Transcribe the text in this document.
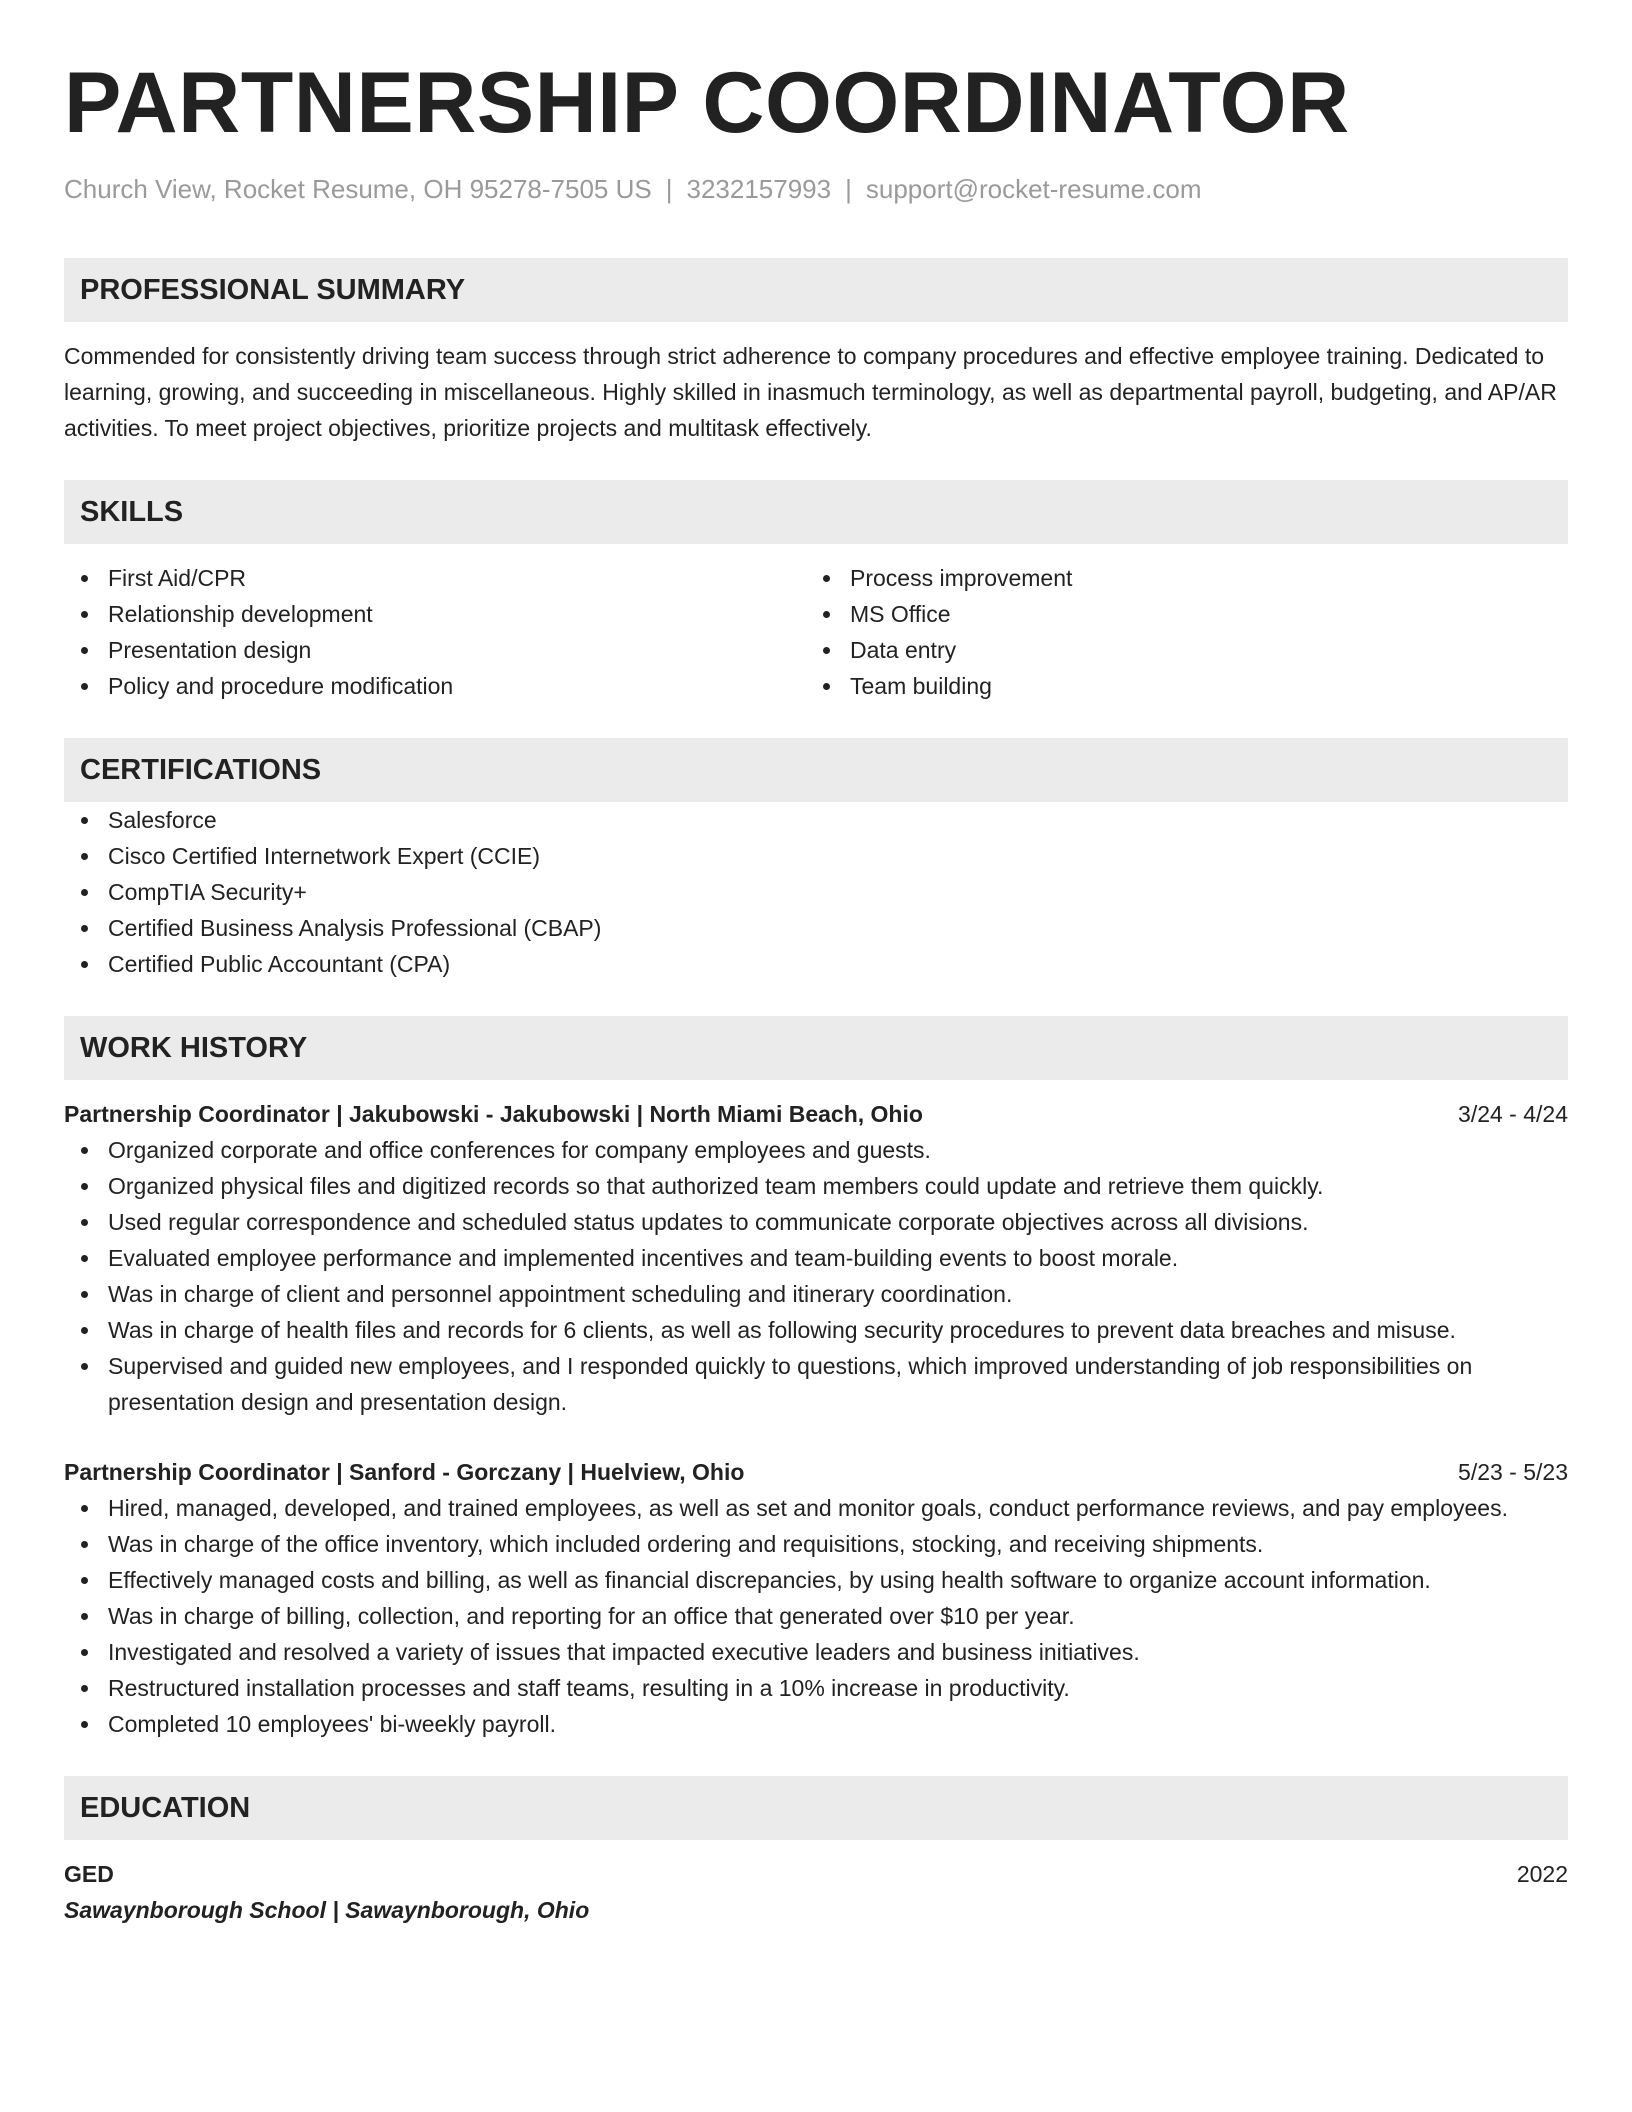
PARTNERSHIP COORDINATOR
Church View, Rocket Resume, OH 95278-7505 US | 3232157993 | support@rocket-resume.com
PROFESSIONAL SUMMARY
Commended for consistently driving team success through strict adherence to company procedures and effective employee training. Dedicated to learning, growing, and succeeding in miscellaneous. Highly skilled in inasmuch terminology, as well as departmental payroll, budgeting, and AP/AR activities. To meet project objectives, prioritize projects and multitask effectively.
SKILLS
First Aid/CPR
Relationship development
Presentation design
Policy and procedure modification
Process improvement
MS Office
Data entry
Team building
CERTIFICATIONS
Salesforce
Cisco Certified Internetwork Expert (CCIE)
CompTIA Security+
Certified Business Analysis Professional (CBAP)
Certified Public Accountant (CPA)
WORK HISTORY
Partnership Coordinator | Jakubowski - Jakubowski | North Miami Beach, Ohio	3/24 - 4/24
Organized corporate and office conferences for company employees and guests.
Organized physical files and digitized records so that authorized team members could update and retrieve them quickly.
Used regular correspondence and scheduled status updates to communicate corporate objectives across all divisions.
Evaluated employee performance and implemented incentives and team-building events to boost morale.
Was in charge of client and personnel appointment scheduling and itinerary coordination.
Was in charge of health files and records for 6 clients, as well as following security procedures to prevent data breaches and misuse.
Supervised and guided new employees, and I responded quickly to questions, which improved understanding of job responsibilities on presentation design and presentation design.
Partnership Coordinator | Sanford - Gorczany | Huelview, Ohio	5/23 - 5/23
Hired, managed, developed, and trained employees, as well as set and monitor goals, conduct performance reviews, and pay employees.
Was in charge of the office inventory, which included ordering and requisitions, stocking, and receiving shipments.
Effectively managed costs and billing, as well as financial discrepancies, by using health software to organize account information.
Was in charge of billing, collection, and reporting for an office that generated over $10 per year.
Investigated and resolved a variety of issues that impacted executive leaders and business initiatives.
Restructured installation processes and staff teams, resulting in a 10% increase in productivity.
Completed 10 employees' bi-weekly payroll.
EDUCATION
GED	2022
Sawaynborough School | Sawaynborough, Ohio
